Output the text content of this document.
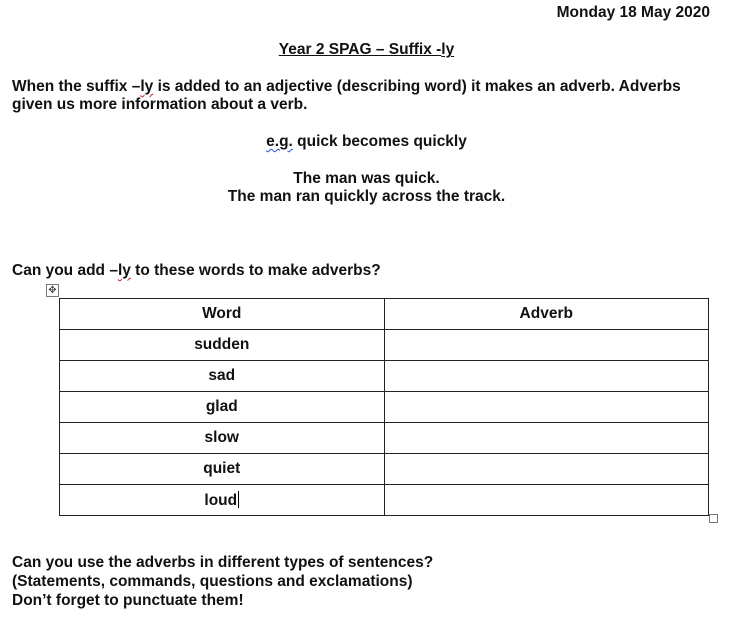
Monday 18 May 2020
Year 2 SPAG – Suffix -ly
When the suffix –ly is added to an adjective (describing word) it makes an adverb. Adverbs given us more information about a verb.
e.g. quick becomes quickly
The man was quick.
The man ran quickly across the track.
Can you add –ly to these words to make adverbs?
✥
Word	Adverb
sudden	
sad	
glad	
slow	
quiet	
loud	
Can you use the adverbs in different types of sentences?
(Statements, commands, questions and exclamations)
Don’t forget to punctuate them!
